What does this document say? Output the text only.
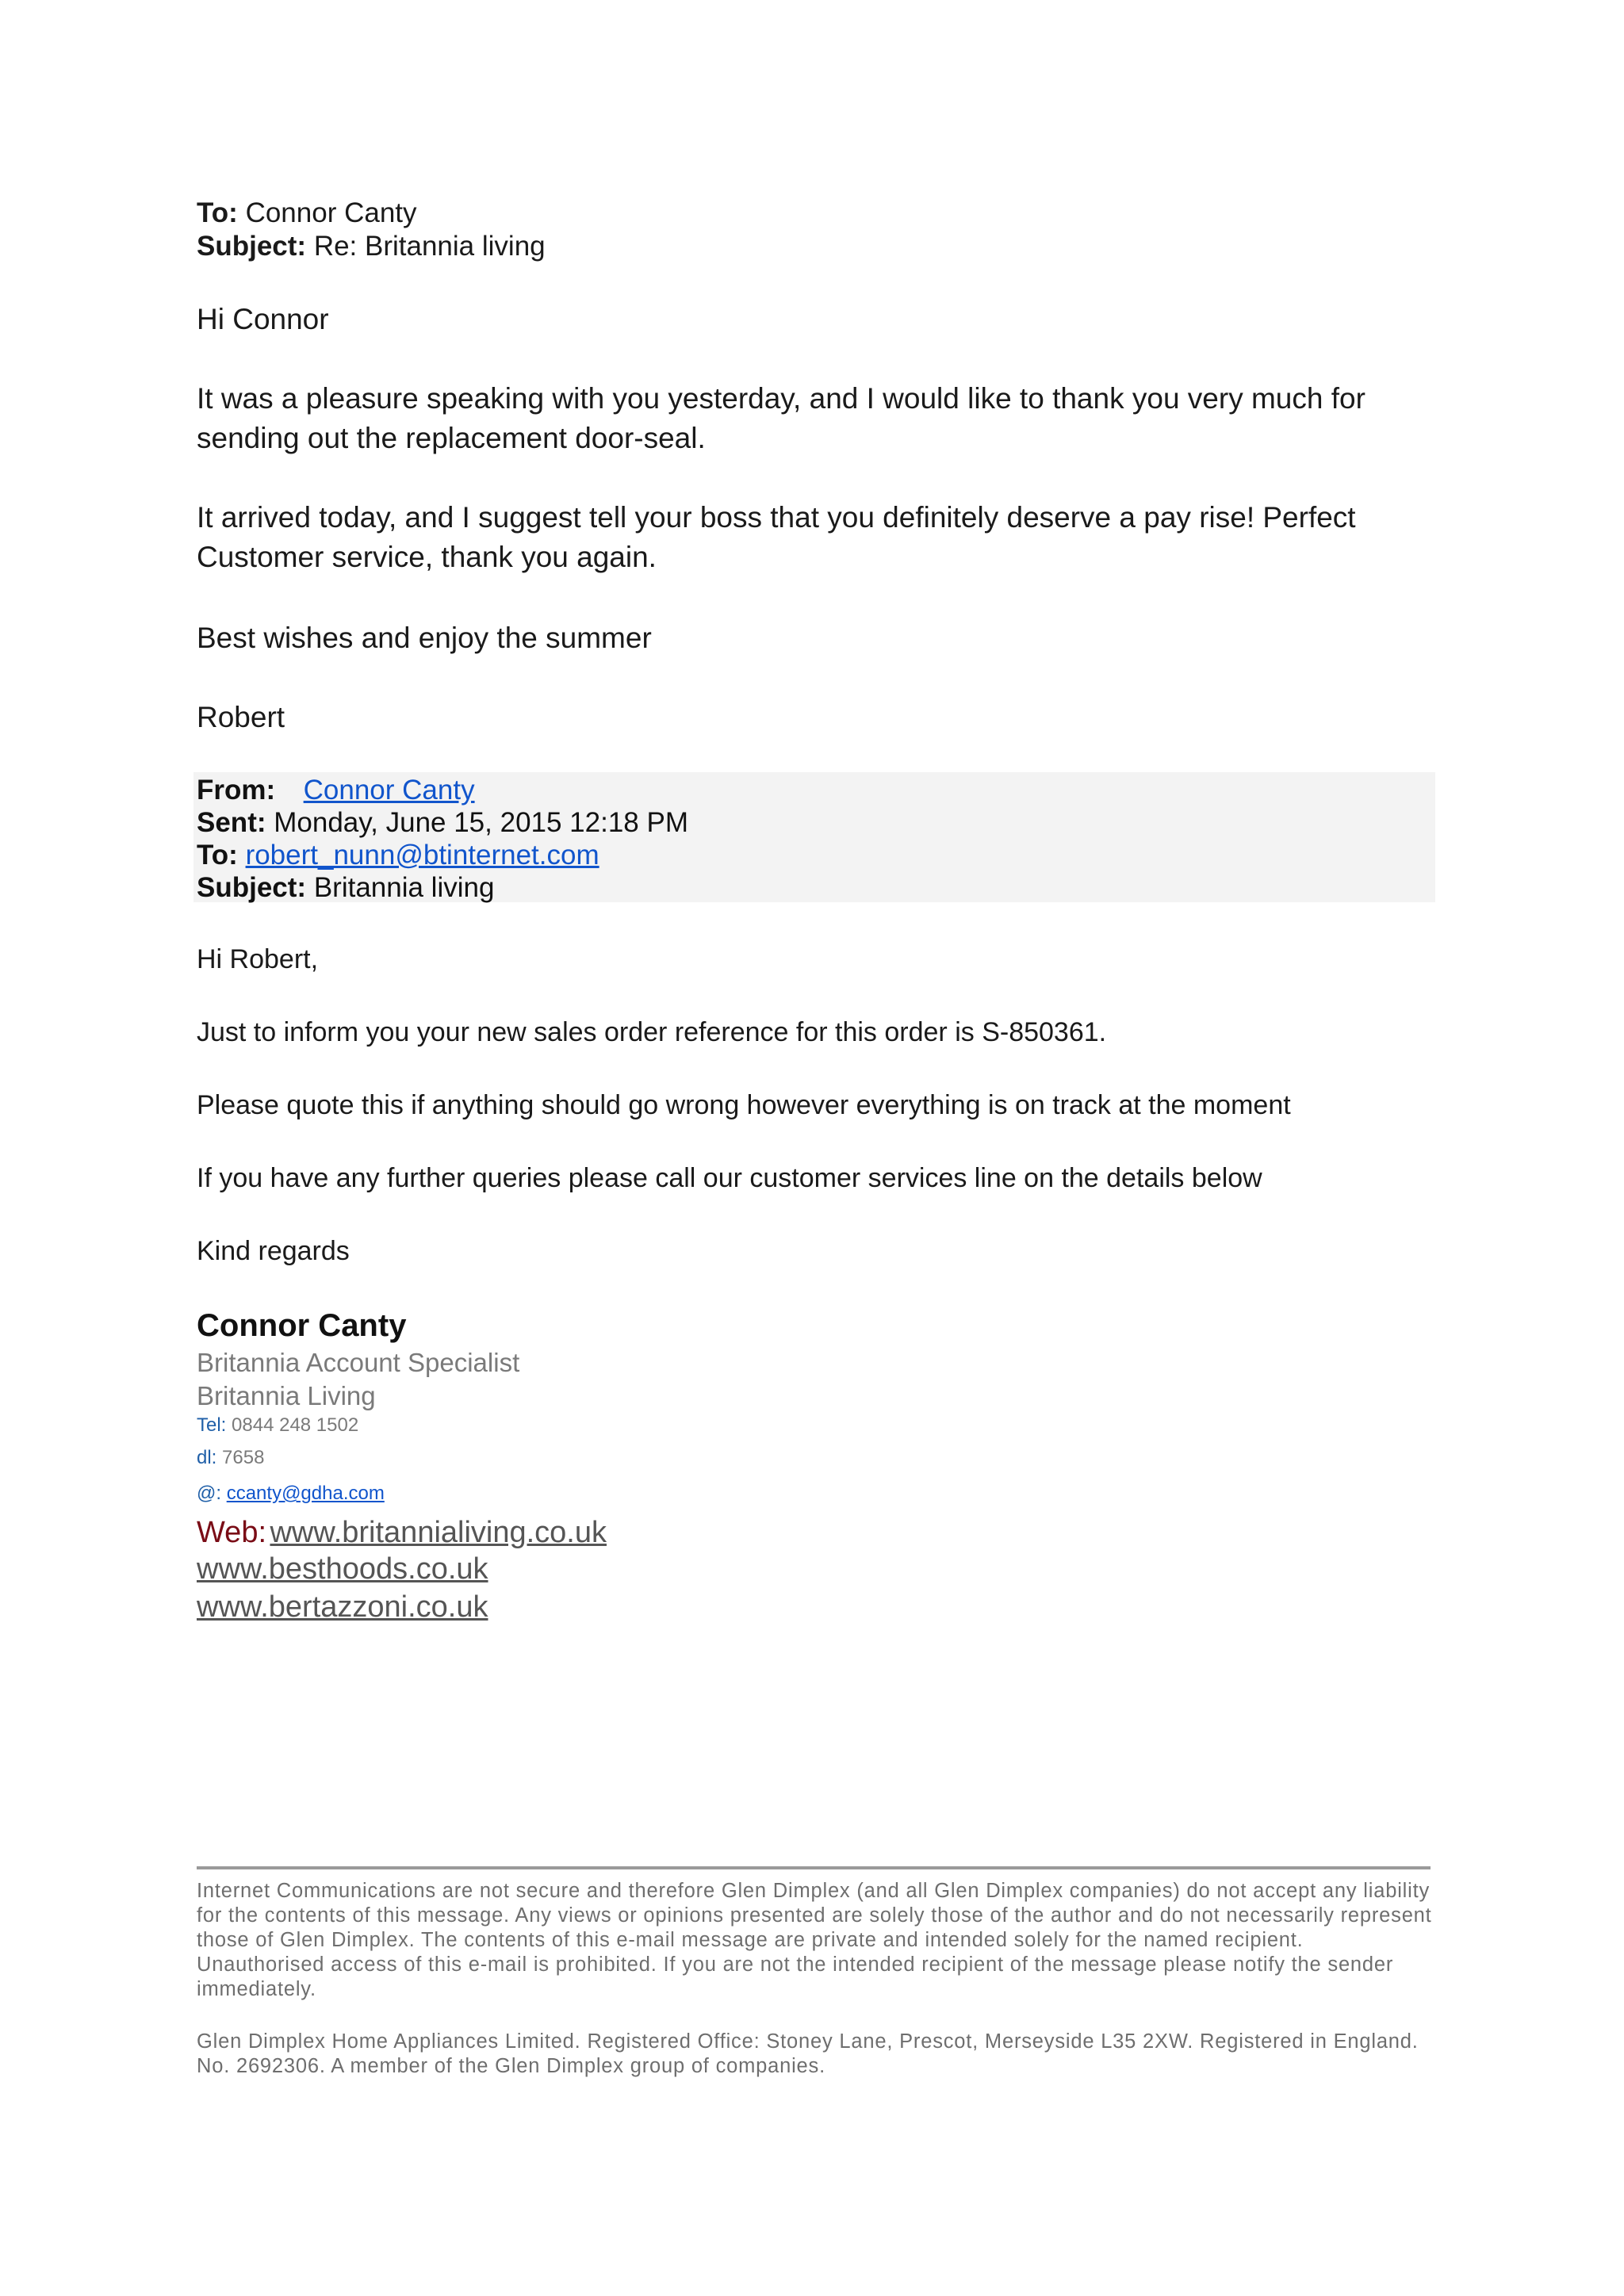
To: Connor Canty
Subject: Re: Britannia living
Hi Connor
It was a pleasure speaking with you yesterday, and I would like to thank you very much for sending out the replacement door-seal.
It arrived today, and I suggest tell your boss that you definitely deserve a pay rise! Perfect Customer service, thank you again.
Best wishes and enjoy the summer
Robert
From: Connor Canty
Sent: Monday, June 15, 2015 12:18 PM
To: robert_nunn@btinternet.com
Subject: Britannia living
Hi Robert,
Just to inform you your new sales order reference for this order is S-850361.
Please quote this if anything should go wrong however everything is on track at the moment
If you have any further queries please call our customer services line on the details below
Kind regards
Connor Canty
Britannia Account Specialist
Britannia Living
Tel: 0844 248 1502
dl: 7658
@: ccanty@gdha.com
Web: www.britannialiving.co.uk
www.besthoods.co.uk
www.bertazzoni.co.uk
Internet Communications are not secure and therefore Glen Dimplex (and all Glen Dimplex companies) do not accept any liability for the contents of this message. Any views or opinions presented are solely those of the author and do not necessarily represent those of Glen Dimplex. The contents of this e-mail message are private and intended solely for the named recipient. Unauthorised access of this e-mail is prohibited. If you are not the intended recipient of the message please notify the sender immediately.
Glen Dimplex Home Appliances Limited. Registered Office: Stoney Lane, Prescot, Merseyside L35 2XW. Registered in England. No. 2692306. A member of the Glen Dimplex group of companies.
